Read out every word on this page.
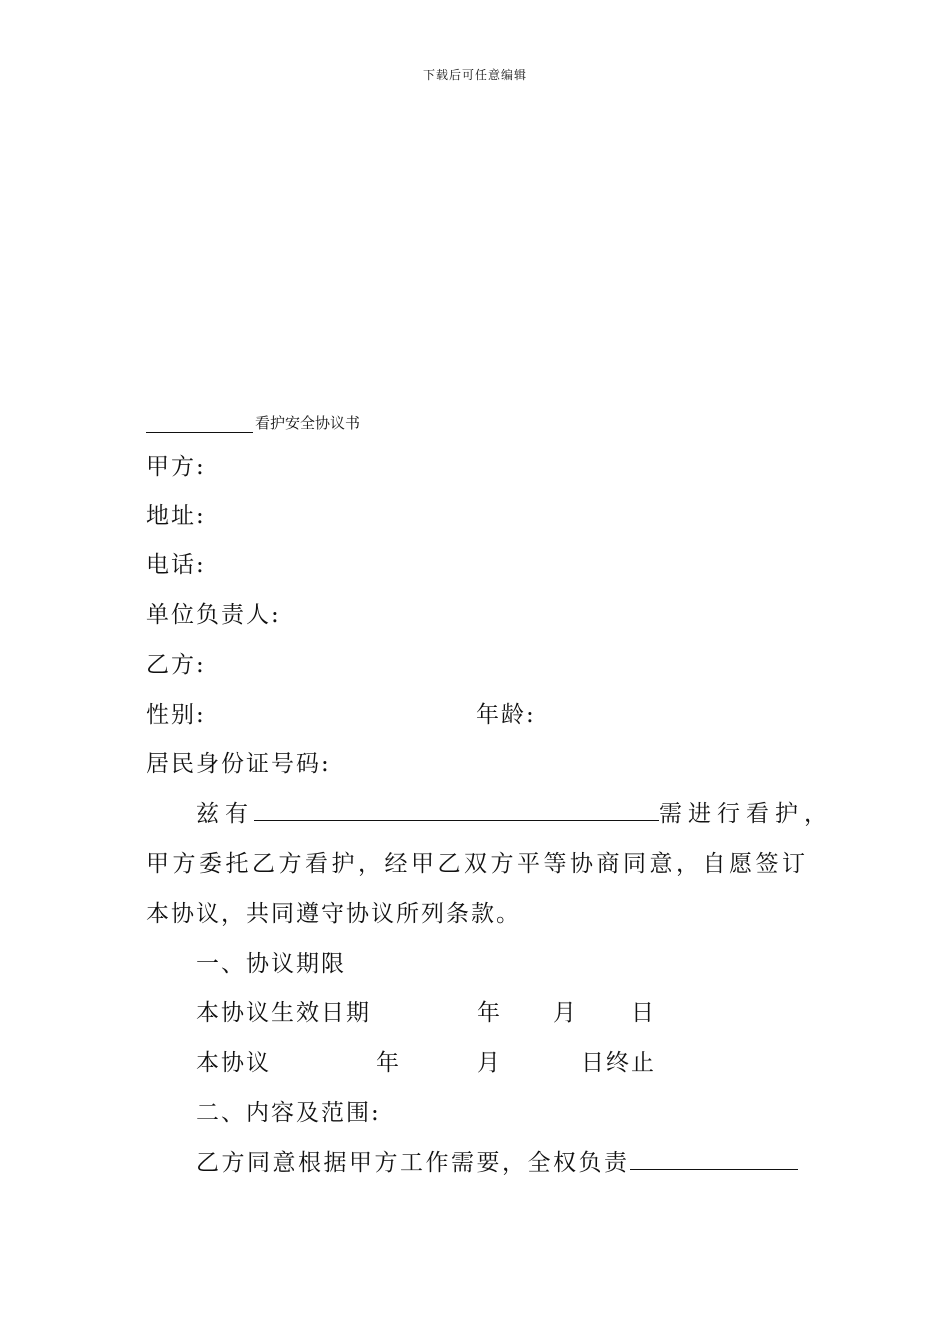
下载后可任意编辑
看护安全协议书
甲方:
地址:
电话:
单位负责人:
乙方:
性别:	年龄:
居民身份证号码:
兹有	需进行看护，
甲方委托乙方看护，经甲乙双方平等协商同意，自愿签订
本协议，共同遵守协议所列条款。
一、协议期限
本协议生效日期	年 月 日
本协议	年	月	日终止
二、内容及范围:
乙方同意根据甲方工作需要，全权负责
